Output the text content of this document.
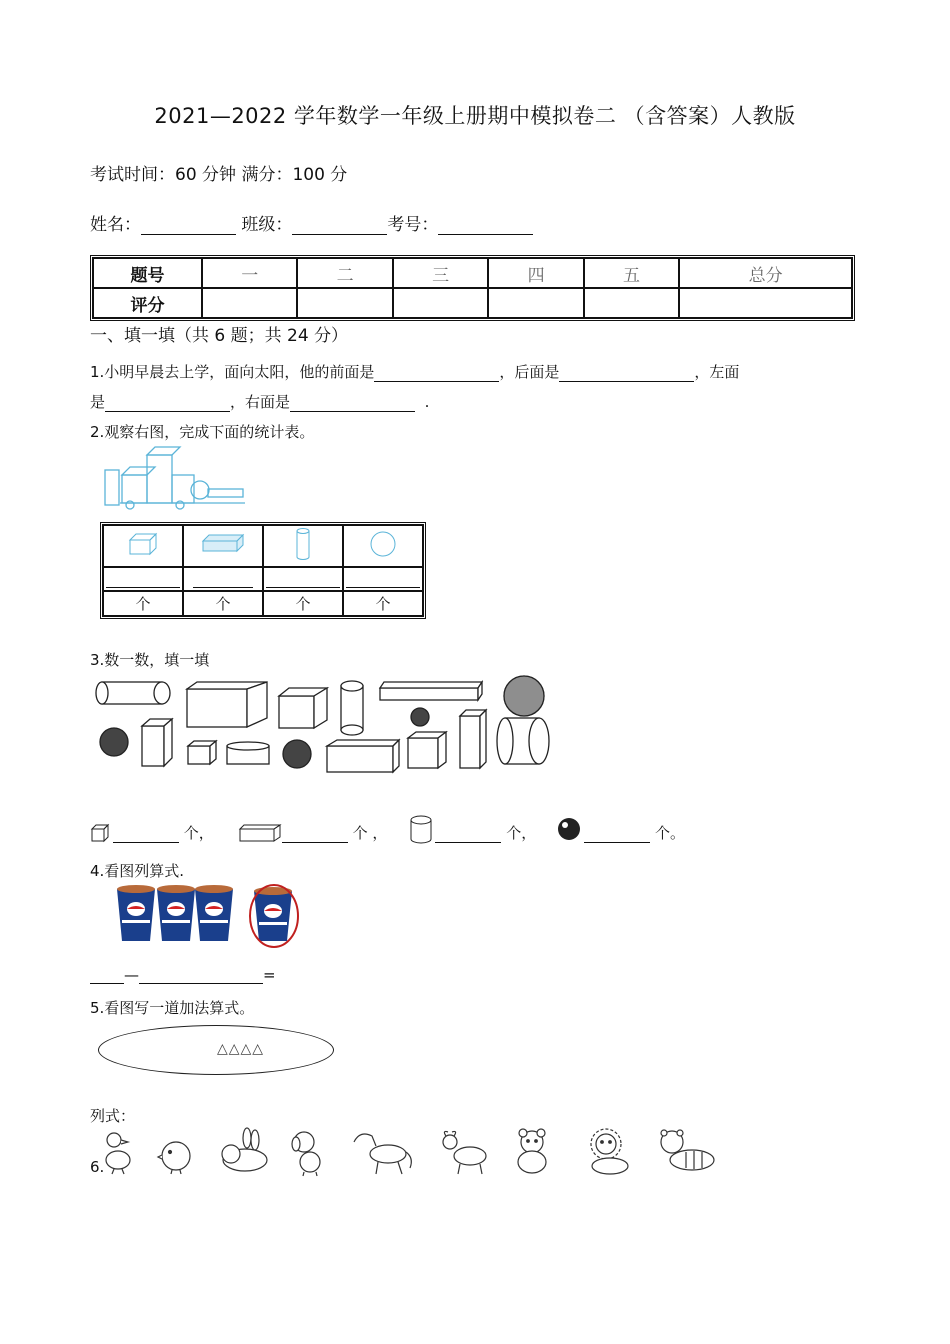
2021—2022 学年数学一年级上册期中模拟卷二 （含答案）人教版
考试时间：60 分钟 满分：100 分
姓名：	班级：	考号：
题号	一	二	三	四	五	总分
评分						
一、填一填（共 6 题；共 24 分）
1.小明早晨去上学，面向太阳，他的前面是	，后面是	，左面
是	，右面是	.
2.观察右图，完成下面的统计表。

个	个	个	个
3.数一数，填一填

个 ，
	个
，
	个 ，
	个 。
4.看图列算式.
—	=
5.看图写一道加法算式。
△△△△
列式：
6.
